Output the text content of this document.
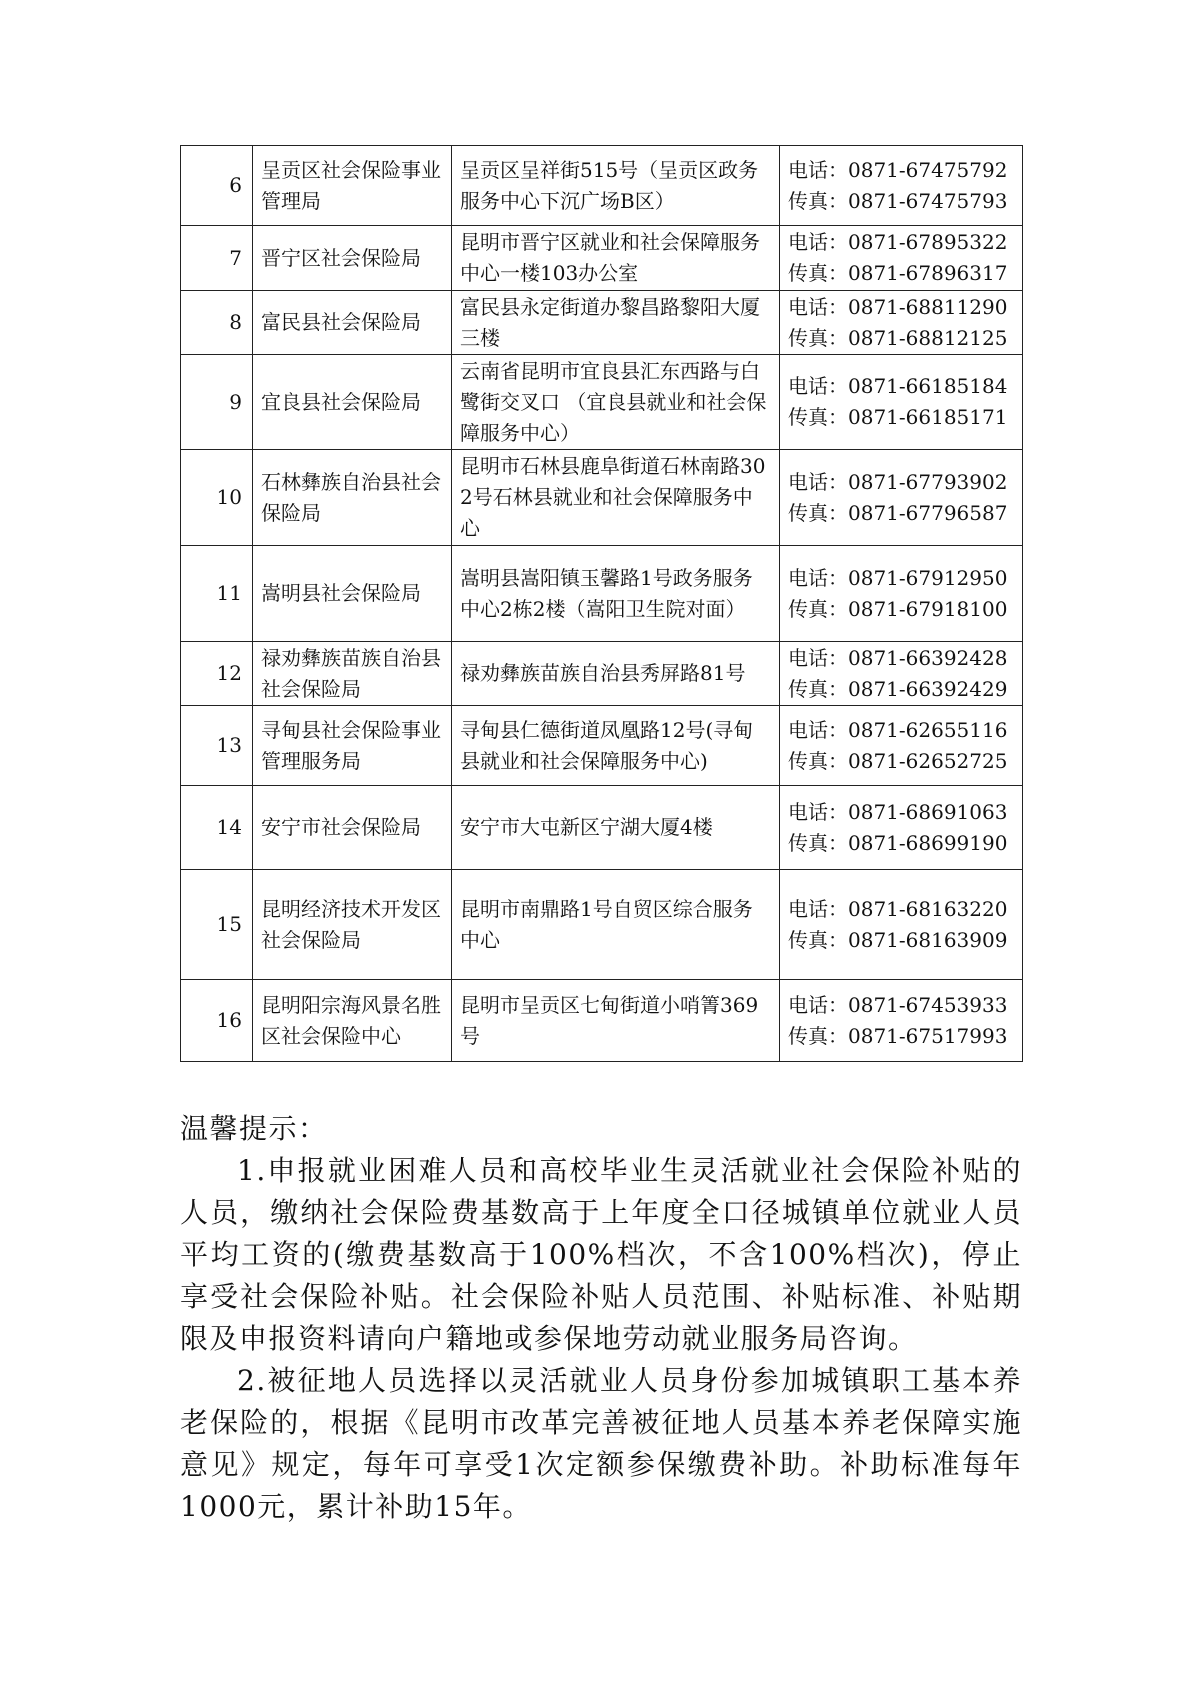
6	呈贡区社会保险事业管理局	呈贡区呈祥街515号（呈贡区政务服务中心下沉广场B区）	电话：0871-67475792
传真：0871-67475793

7	晋宁区社会保险局	昆明市晋宁区就业和社会保障服务中心一楼103办公室	电话：0871-67895322
传真：0871-67896317

8	富民县社会保险局	富民县永定街道办黎昌路黎阳大厦三楼	电话：0871-68811290
传真：0871-68812125

9	宜良县社会保险局	云南省昆明市宜良县汇东西路与白鹭街交叉口 （宜良县就业和社会保障服务中心）	电话：0871-66185184
传真：0871-66185171

10	石林彝族自治县社会保险局	昆明市石林县鹿阜街道石林南路302号石林县就业和社会保障服务中心	电话：0871-67793902
传真：0871-67796587

11	嵩明县社会保险局	嵩明县嵩阳镇玉馨路1号政务服务中心2栋2楼（嵩阳卫生院对面）	电话：0871-67912950
传真：0871-67918100

12	禄劝彝族苗族自治县社会保险局	禄劝彝族苗族自治县秀屏路81号	电话：0871-66392428
传真：0871-66392429

13	寻甸县社会保险事业管理服务局	寻甸县仁德街道凤凰路12号(寻甸县就业和社会保障服务中心)	电话：0871-62655116
传真：0871-62652725

14	安宁市社会保险局	安宁市大屯新区宁湖大厦4楼	电话：0871-68691063
传真：0871-68699190

15	昆明经济技术开发区社会保险局	昆明市南鼎路1号自贸区综合服务中心	电话：0871-68163220
传真：0871-68163909

16	昆明阳宗海风景名胜区社会保险中心	昆明市呈贡区七甸街道小哨箐369号	电话：0871-67453933
传真：0871-67517993

温馨提示：

1.申报就业困难人员和高校毕业生灵活就业社会保险补贴的人员，缴纳社会保险费基数高于上年度全口径城镇单位就业人员平均工资的(缴费基数高于100%档次，不含100%档次)，停止享受社会保险补贴。社会保险补贴人员范围、补贴标准、补贴期限及申报资料请向户籍地或参保地劳动就业服务局咨询。

2.被征地人员选择以灵活就业人员身份参加城镇职工基本养老保险的，根据《昆明市改革完善被征地人员基本养老保障实施意见》规定，每年可享受1次定额参保缴费补助。补助标准每年1000元，累计补助15年。
